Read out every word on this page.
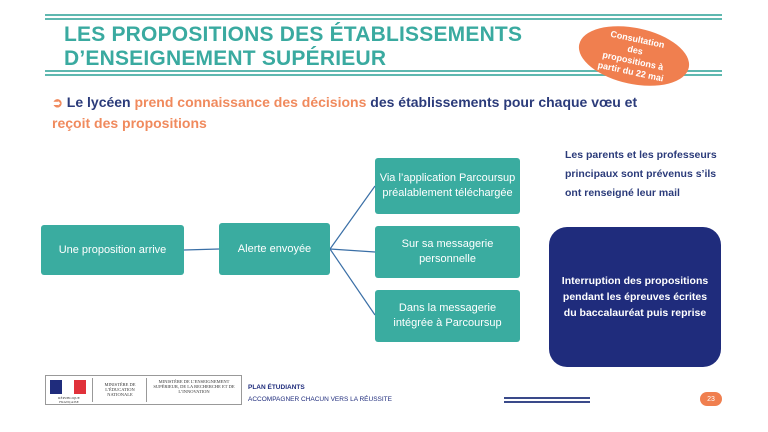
LES PROPOSITIONS DES ÉTABLISSEMENTS
D’ENSEIGNEMENT SUPÉRIEUR
Consultation des propositions à partir du 22 mai
➲ Le lycéen prend connaissance des décisions des établissements pour chaque vœu et reçoit des propositions
Une proposition arrive	Alerte envoyée
Via l’application Parcoursup préalablement téléchargée
Sur sa messagerie personnelle
Dans la messagerie intégrée à Parcoursup
Les parents et les professeurs principaux sont prévenus s’ils ont renseigné leur mail
Interruption des propositions pendant les épreuves écrites du baccalauréat puis reprise
RÉPUBLIQUE FRANÇAISE
MINISTÈRE DE L’ÉDUCATION NATIONALE
MINISTÈRE DE L’ENSEIGNEMENT SUPÉRIEUR, DE LA RECHERCHE ET DE L’INNOVATION
PLAN ÉTUDIANTS
ACCOMPAGNER CHACUN VERS LA RÉUSSITE	23
